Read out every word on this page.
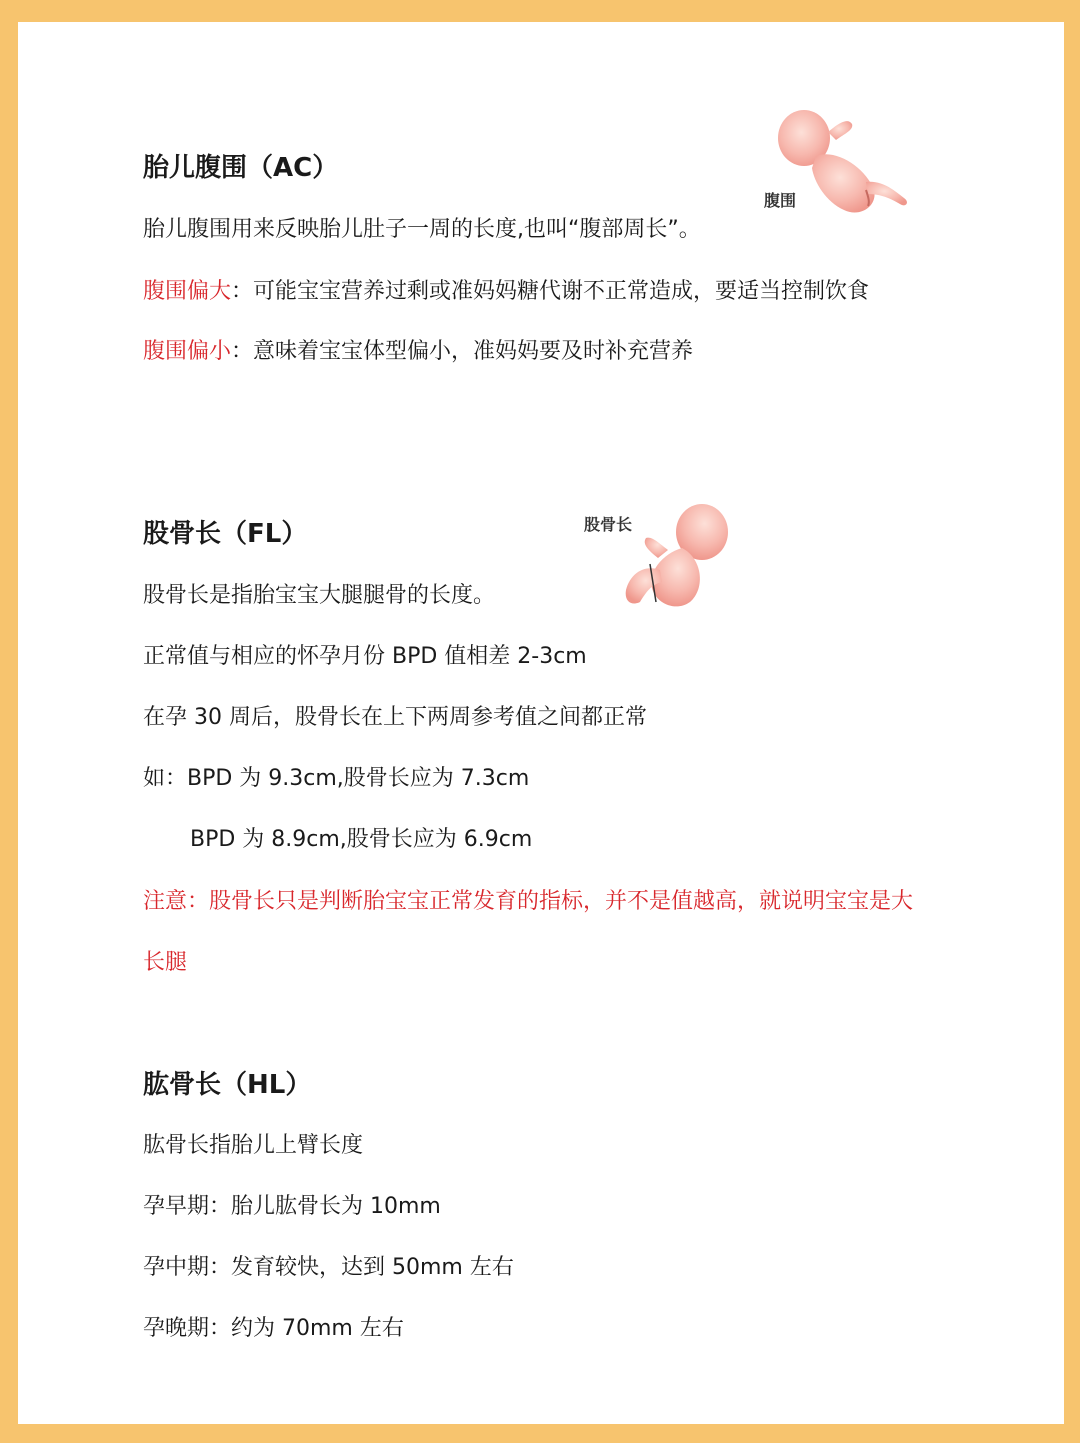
胎儿腹围（AC）
胎儿腹围用来反映胎儿肚子一周的长度,也叫“腹部周长”。
腹围偏大：可能宝宝营养过剩或准妈妈糖代谢不正常造成，要适当控制饮食
腹围偏小：意味着宝宝体型偏小，准妈妈要及时补充营养
腹围
股骨长（FL）
股骨长是指胎宝宝大腿腿骨的长度。
正常值与相应的怀孕月份 BPD 值相差 2-3cm
在孕 30 周后，股骨长在上下两周参考值之间都正常
如：BPD 为 9.3cm,股骨长应为 7.3cm
BPD 为 8.9cm,股骨长应为 6.9cm
注意：股骨长只是判断胎宝宝正常发育的指标，并不是值越高，就说明宝宝是大
长腿
股骨长
肱骨长（HL）
肱骨长指胎儿上臂长度
孕早期：胎儿肱骨长为 10mm
孕中期：发育较快，达到 50mm 左右
孕晚期：约为 70mm 左右
